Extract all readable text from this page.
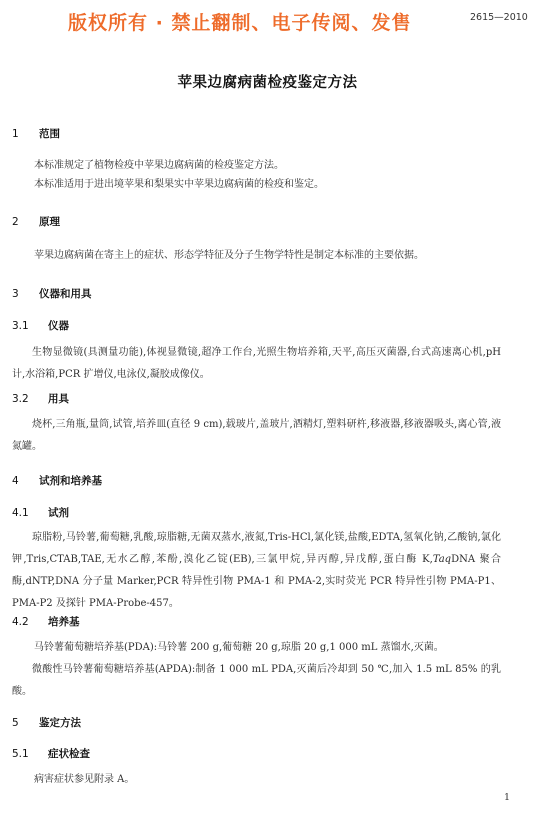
版权所有 · 禁止翻制、电子传阅、发售	2615—2010
苹果边腐病菌检疫鉴定方法
1 范围
本标准规定了植物检疫中苹果边腐病菌的检疫鉴定方法。
本标准适用于进出境苹果和梨果实中苹果边腐病菌的检疫和鉴定。
2 原理
苹果边腐病菌在寄主上的症状、形态学特征及分子生物学特性是制定本标准的主要依据。
3 仪器和用具
3.1 仪器
生物显微镜(具测量功能),体视显微镜,超净工作台,光照生物培养箱,天平,高压灭菌器,台式高速离心机,pH 计,水浴箱,PCR 扩增仪,电泳仪,凝胶成像仪。
3.2 用具
烧杯,三角瓶,量筒,试管,培养皿(直径 9 cm),载玻片,盖玻片,酒精灯,塑料研杵,移液器,移液器吸头,离心管,液氮罐。
4 试剂和培养基
4.1 试剂
琼脂粉,马铃薯,葡萄糖,乳酸,琼脂糖,无菌双蒸水,液氮,Tris-HCl,氯化镁,盐酸,EDTA,氢氧化钠,乙酸钠,氯化钾,Tris,CTAB,TAE,无水乙醇,苯酚,溴化乙锭(EB),三氯甲烷,异丙醇,异戊醇,蛋白酶 K,TaqDNA 聚合酶,dNTP,DNA 分子量 Marker,PCR 特异性引物 PMA-1 和 PMA-2,实时荧光 PCR 特异性引物 PMA-P1、PMA-P2 及探针 PMA-Probe-457。
4.2 培养基
马铃薯葡萄糖培养基(PDA):马铃薯 200 g,葡萄糖 20 g,琼脂 20 g,1 000 mL 蒸馏水,灭菌。
微酸性马铃薯葡萄糖培养基(APDA):制备 1 000 mL PDA,灭菌后冷却到 50 ℃,加入 1.5 mL 85% 的乳酸。
5 鉴定方法
5.1 症状检查
病害症状参见附录 A。
1
